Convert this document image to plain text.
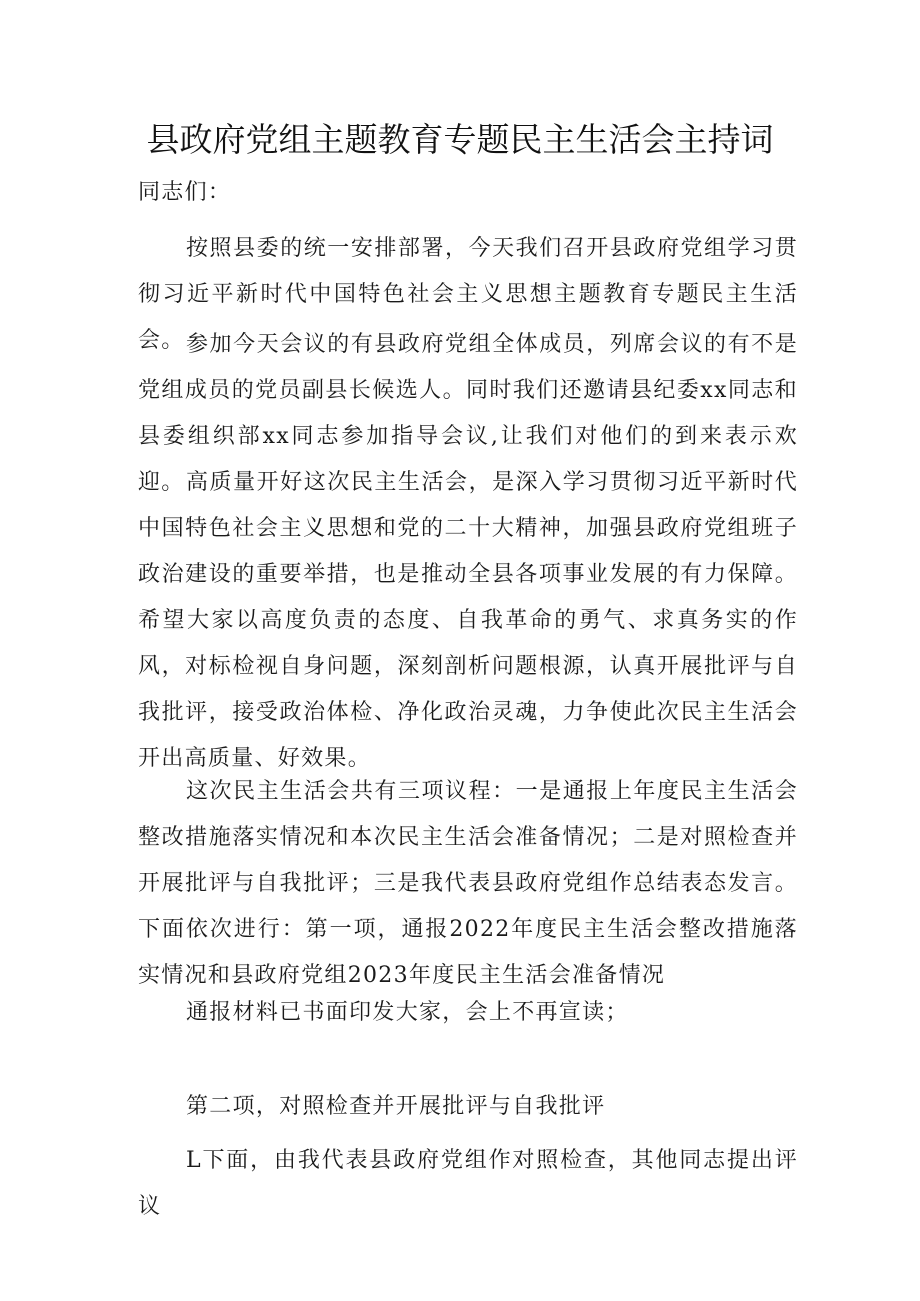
县政府党组主题教育专题民主生活会主持词
同志们：
按照县委的统一安排部署，今天我们召开县政府党组学习贯彻习近平新时代中国特色社会主义思想主题教育专题民主生活会。 参加今天会议的有县政府党组全体成员，列席会议的有不是党组成员的党员副县长候选人。同时我们还邀请县纪委xx同志和县委组织部xx同志参加指导会议,让我们对他们的到来表示欢迎。 高质量开好这次民主生活会，是深入学习贯彻习近平新时代中国特色社会主义思想和党的二十大精神，加强县政府党组班子政治建设的重要举措，也是推动全县各项事业发展的有力保障。希望大家以高度负责的态度、自我革命的勇气、求真务实的作风，对标检视自身问题，深刻剖析问题根源，认真开展批评与自我批评，接受政治体检、净化政治灵魂，力争使此次民主生活会开出高质量、好效果。
这次民主生活会共有三项议程：一是通报上年度民主生活会整改措施落实情况和本次民主生活会准备情况；二是对照检查并开展批评与自我批评；三是我代表县政府党组作总结表态发言。下面依次进行：第一项，通报2022年度民主生活会整改措施落实情况和县政府党组2023年度民主生活会准备情况
通报材料已书面印发大家，会上不再宣读；
第二项，对照检查并开展批评与自我批评
L下面，由我代表县政府党组作对照检查，其他同志提出评议
